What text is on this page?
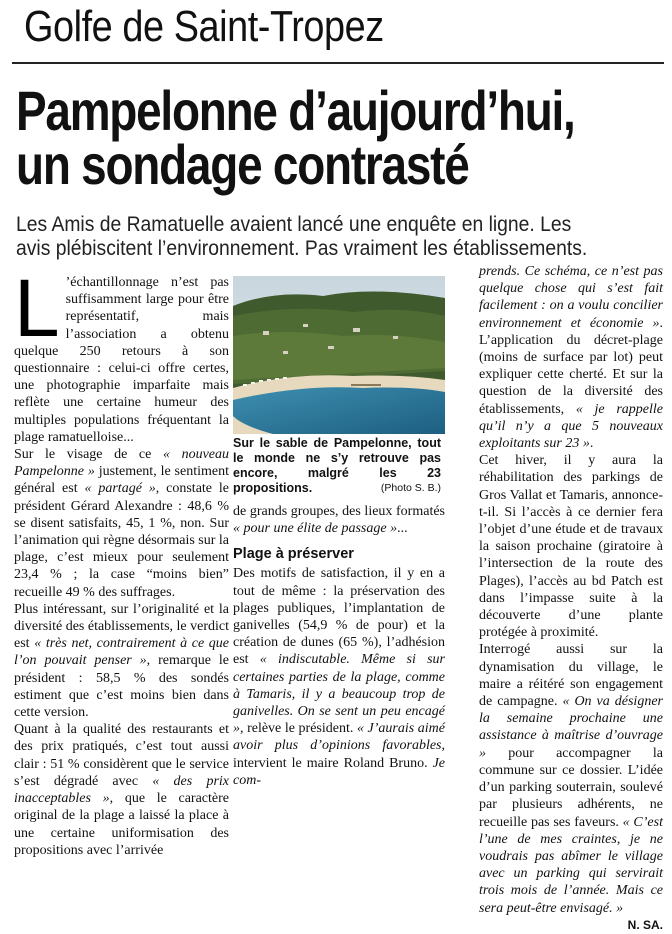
Golfe de Saint-Tropez
Pampelonne d’aujourd’hui,
un sondage contrasté
Les Amis de Ramatuelle avaient lancé une enquête en ligne. Les
avis plébiscitent l’environnement. Pas vraiment les établissements.

L ’échantillonnage n’est pas suffisamment large pour être représentatif, mais l’association a obtenu quelque 250 retours à son questionnaire : celui-ci offre certes, une photographie imparfaite mais reflète une certaine humeur des multiples populations fréquentant la plage ramatuelloise...

Sur le visage de ce « nouveau Pampelonne » justement, le sentiment général est « partagé », constate le président Gérard Alexandre : 48,6 % se disent satisfaits, 45, 1 %, non. Sur l’animation qui règne désormais sur la plage, c’est mieux pour seulement 23,4 % ; la case “moins bien” recueille 49 % des suffrages.

Plus intéressant, sur l’originalité et la diversité des établissements, le verdict est « très net, contrairement à ce que l’on pouvait penser », remarque le président : 58,5 % des sondés estiment que c’est moins bien dans cette version.

Quant à la qualité des restaurants et des prix pratiqués, c’est tout aussi clair : 51 % considèrent que le service s’est dégradé avec « des prix inacceptables », que le caractère original de la plage a laissé la place à une certaine uniformisation des propositions avec l’arrivée

Sur le sable de Pampelonne, tout le monde ne s’y retrouve pas encore, malgré les 23 propositions.	(Photo S. B.)

de grands groupes, des lieux formatés « pour une élite de passage »...

Plage à préserver

Des motifs de satisfaction, il y en a tout de même : la préservation des plages publiques, l’implantation de ganivelles (54,9 % de pour) et la création de dunes (65 %), l’adhésion est « indiscutable. Même si sur certaines parties de la plage, comme à Tamaris, il y a beaucoup trop de ganivelles. On se sent un peu encagé », relève le président. « J’aurais aimé avoir plus d’opinions favorables, intervient le maire Roland Bruno. Je com-

prends. Ce schéma, ce n’est pas quelque chose qui s’est fait facilement : on a voulu concilier environnement et économie ». L’application du décret-plage (moins de surface par lot) peut expliquer cette cherté. Et sur la question de la diversité des établissements, « je rappelle qu’il n’y a que 5 nouveaux exploitants sur 23 ».

Cet hiver, il y aura la réhabilitation des parkings de Gros Vallat et Tamaris, annonce-t-il. Si l’accès à ce dernier fera l’objet d’une étude et de travaux la saison prochaine (giratoire à l’intersection de la route des Plages), l’accès au bd Patch est dans l’impasse suite à la découverte d’une plante protégée à proximité.

Interrogé aussi sur la dynamisation du village, le maire a réitéré son engagement de campagne. « On va désigner la semaine prochaine une assistance à maîtrise d’ouvrage » pour accompagner la commune sur ce dossier. L’idée d’un parking souterrain, soulevé par plusieurs adhérents, ne recueille pas ses faveurs. « C’est l’une de mes craintes, je ne voudrais pas abîmer le village avec un parking qui servirait trois mois de l’année. Mais ce sera peut-être envisagé. »

N. SA.
